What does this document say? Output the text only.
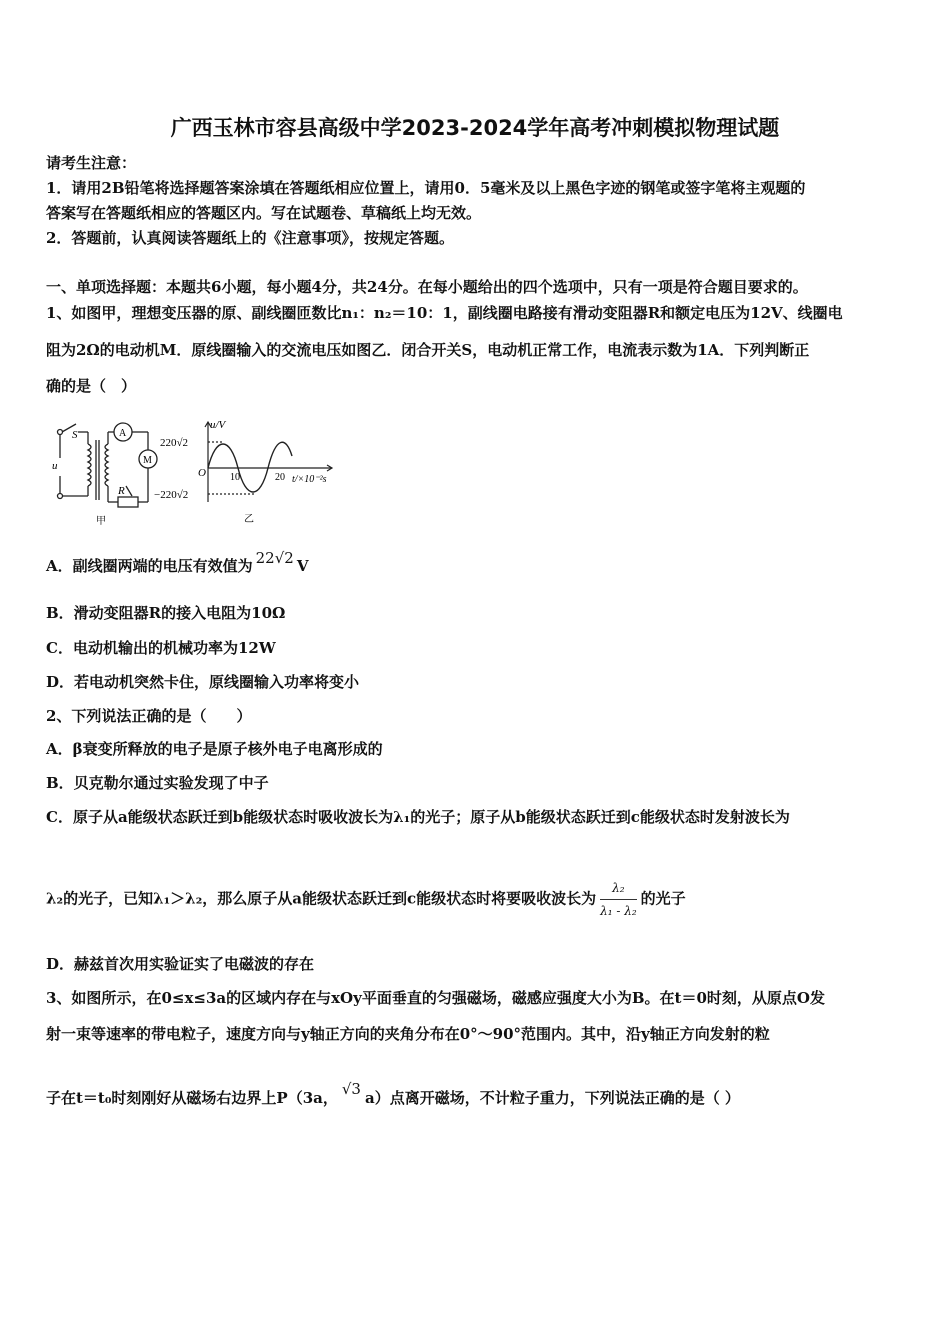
广西玉林市容县高级中学2023-2024学年高考冲刺模拟物理试题
请考生注意：
1．请用2B铅笔将选择题答案涂填在答题纸相应位置上，请用0．5毫米及以上黑色字迹的钢笔或签字笔将主观题的
答案写在答题纸相应的答题区内。写在试题卷、草稿纸上均无效。
2．答题前，认真阅读答题纸上的《注意事项》，按规定答题。
一、单项选择题：本题共6小题，每小题4分，共24分。在每小题给出的四个选项中，只有一项是符合题目要求的。
1、如图甲，理想变压器的原、副线圈匝数比n₁：n₂＝10：1，副线圈电路接有滑动变阻器R和额定电压为12V、线圈电
阻为2Ω的电动机M．原线圈输入的交流电压如图乙．闭合开关S，电动机正常工作，电流表示数为1A．下列判断正
确的是（　）
S
u
A
M
R
甲
u/V
220√2
−220√2
O 10	20 t/×10⁻²s
乙
A．副线圈两端的电压有效值为 22√2 V
B．滑动变阻器R的接入电阻为10Ω
C．电动机输出的机械功率为12W
D．若电动机突然卡住，原线圈输入功率将变小
2、下列说法正确的是（　　）
A．β衰变所释放的电子是原子核外电子电离形成的
B．贝克勒尔通过实验发现了中子
C．原子从a能级状态跃迁到b能级状态时吸收波长为λ₁的光子；原子从b能级状态跃迁到c能级状态时发射波长为
λ₂的光子，已知λ₁＞λ₂，那么原子从a能级状态跃迁到c能级状态时将要吸收波长为 $\frac{\text{λ₂}}{\text{λ₁ - λ₂}}$ 的光子
D．赫兹首次用实验证实了电磁波的存在
3、如图所示，在0≤x≤3a的区域内存在与xOy平面垂直的匀强磁场，磁感应强度大小为B。在t＝0时刻，从原点O发
射一束等速率的带电粒子，速度方向与y轴正方向的夹角分布在0°～90°范围内。其中，沿y轴正方向发射的粒
子在t＝t₀时刻刚好从磁场右边界上P（3a， √3 a）点离开磁场，不计粒子重力，下列说法正确的是（ ）
